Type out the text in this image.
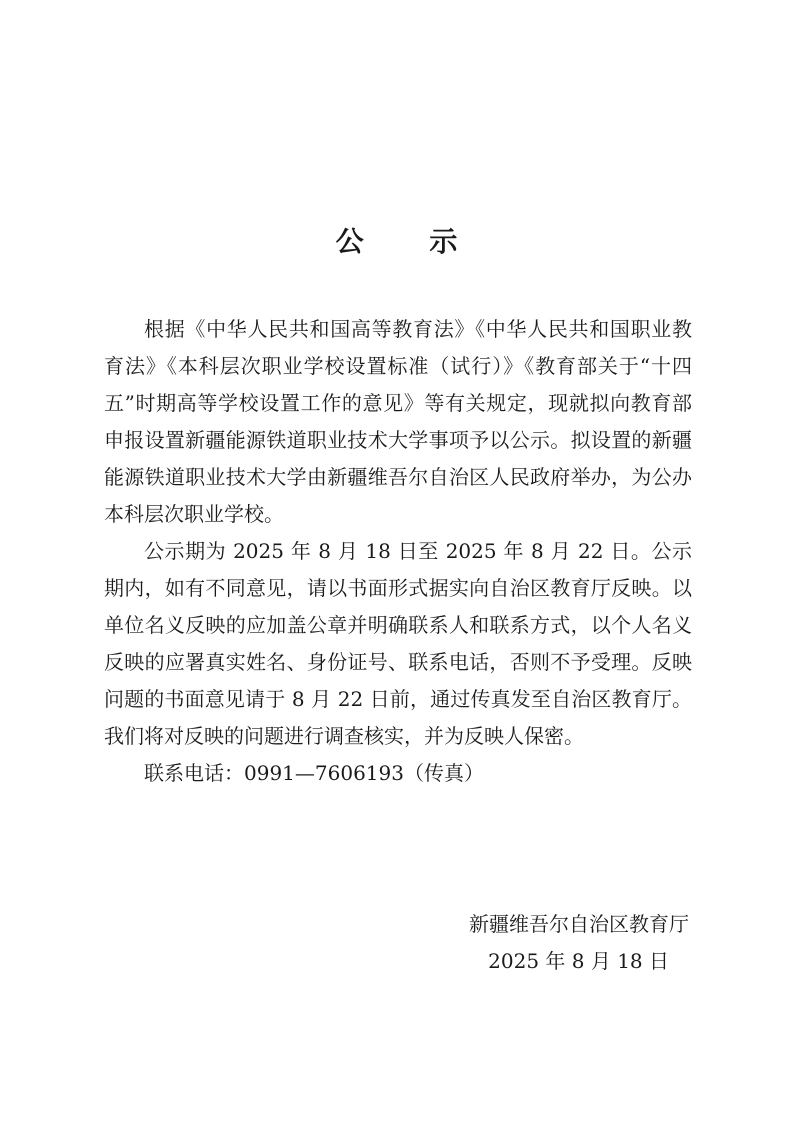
公 示

根据《中华人民共和国高等教育法》《中华人民共和国职业教育法》《本科层次职业学校设置标准（试行）》《教育部关于“十四五”时期高等学校设置工作的意见》等有关规定，现就拟向教育部申报设置新疆能源铁道职业技术大学事项予以公示。拟设置的新疆能源铁道职业技术大学由新疆维吾尔自治区人民政府举办，为公办本科层次职业学校。

公示期为 2025 年 8 月 18 日至 2025 年 8 月 22 日。公示期内，如有不同意见，请以书面形式据实向自治区教育厅反映。以单位名义反映的应加盖公章并明确联系人和联系方式，以个人名义反映的应署真实姓名、身份证号、联系电话，否则不予受理。反映问题的书面意见请于 8 月 22 日前，通过传真发至自治区教育厅。我们将对反映的问题进行调查核实，并为反映人保密。

联系电话：0991—7606193（传真）

新疆维吾尔自治区教育厅

2025 年 8 月 18 日
